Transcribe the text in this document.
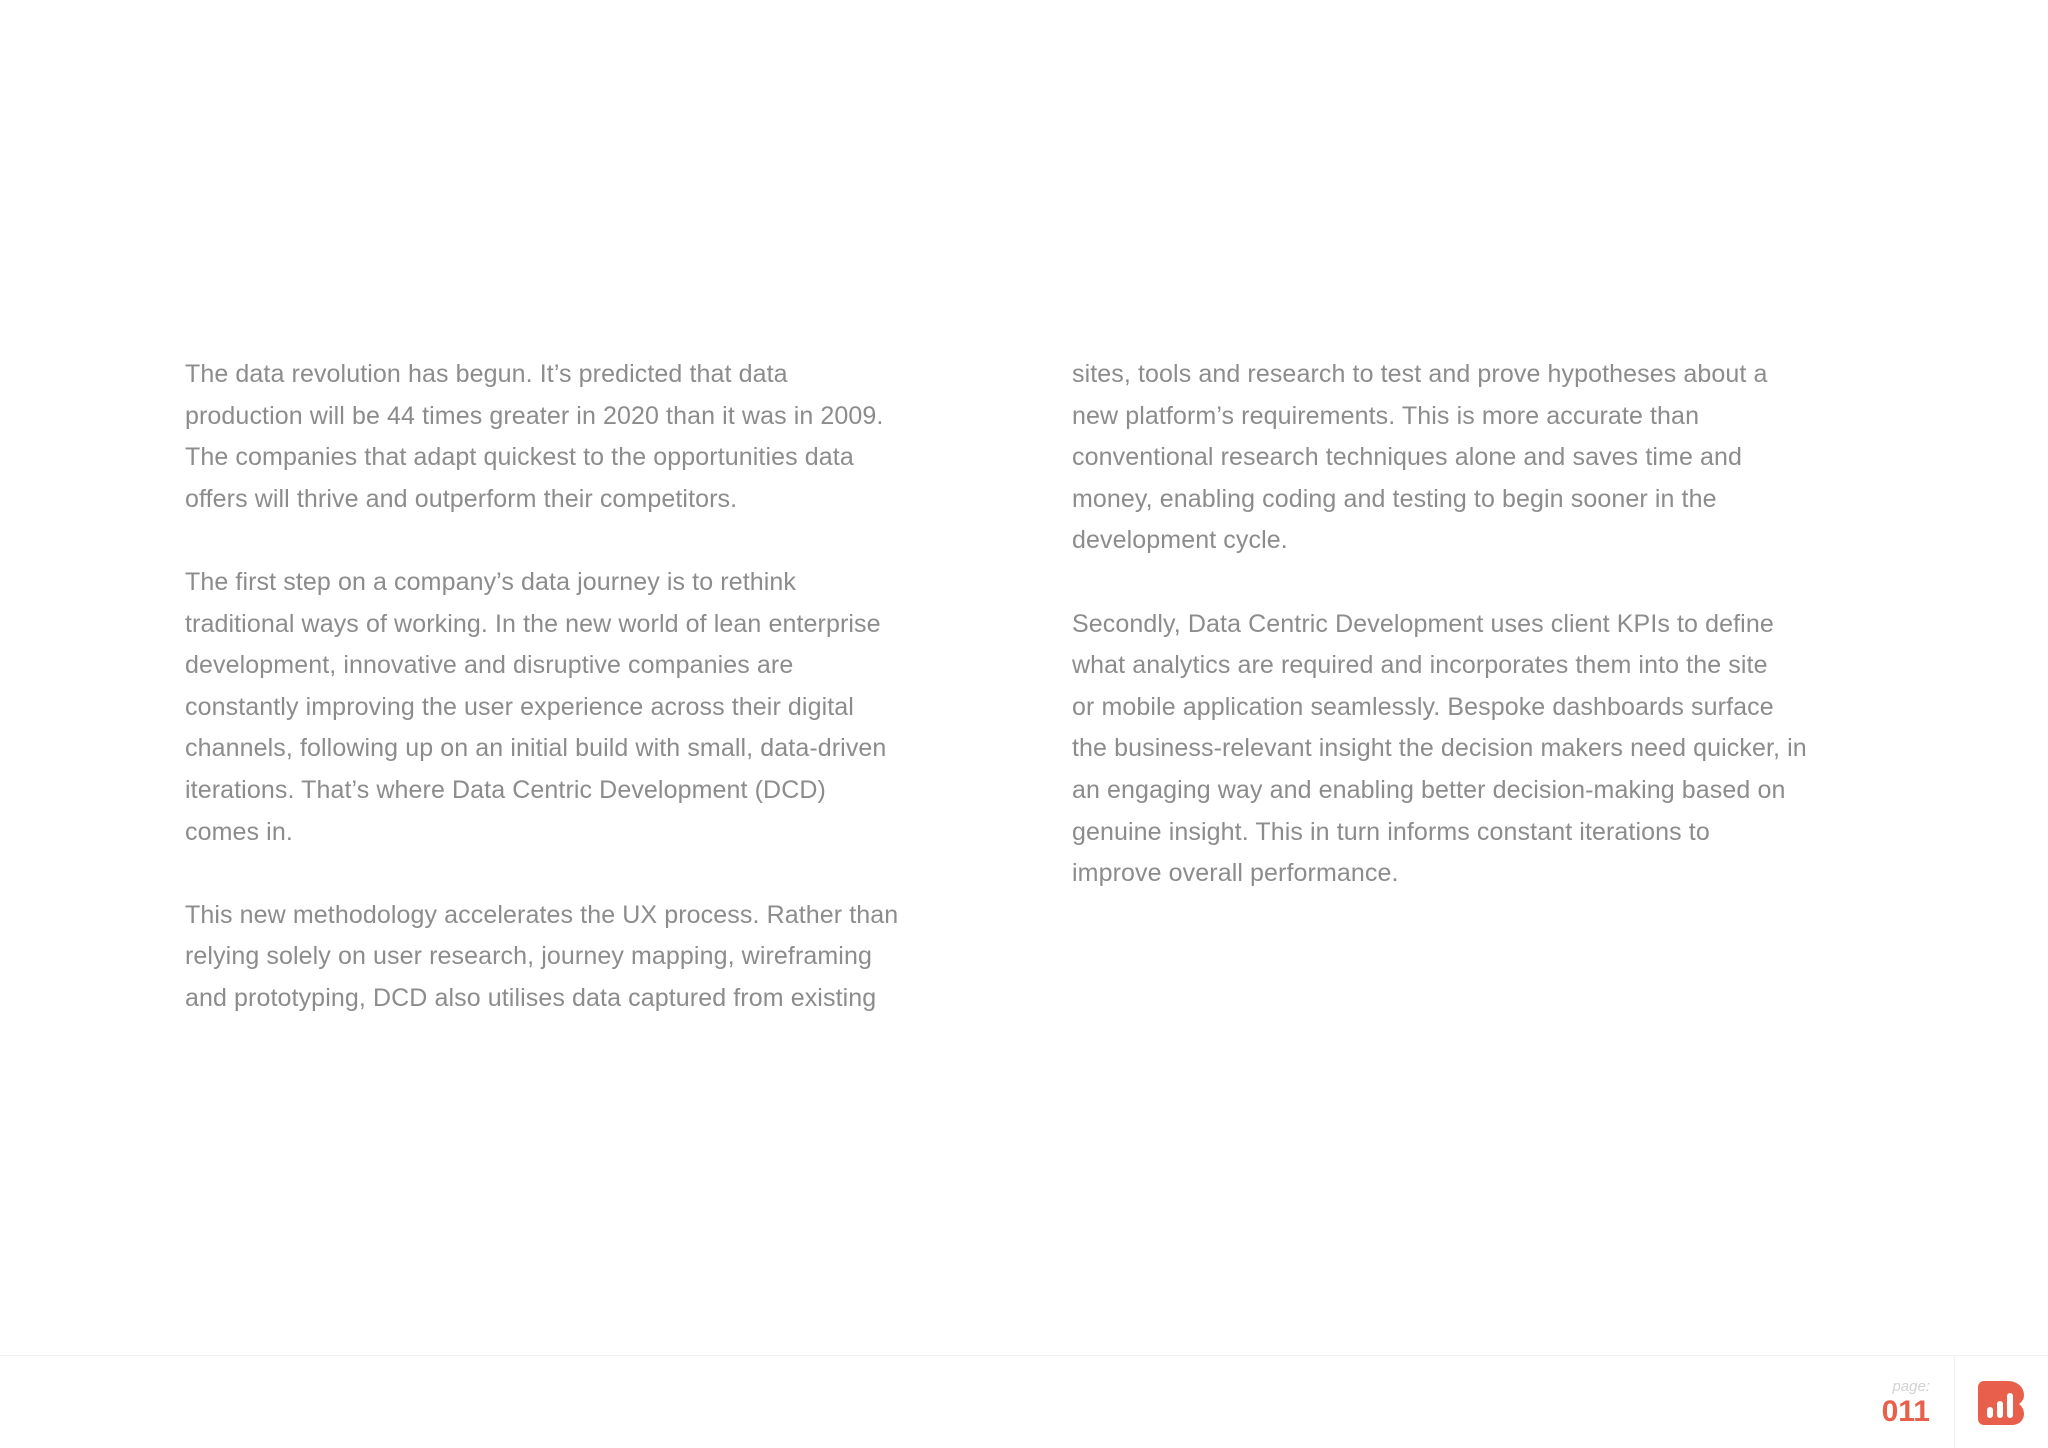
The data revolution has begun. It’s predicted that data
production will be 44 times greater in 2020 than it was in 2009.
The companies that adapt quickest to the opportunities data
offers will thrive and outperform their competitors.

The first step on a company’s data journey is to rethink
traditional ways of working. In the new world of lean enterprise
development, innovative and disruptive companies are
constantly improving the user experience across their digital
channels, following up on an initial build with small, data-driven
iterations. That’s where Data Centric Development (DCD)
comes in.

This new methodology accelerates the UX process. Rather than
relying solely on user research, journey mapping, wireframing
and prototyping, DCD also utilises data captured from existing

sites, tools and research to test and prove hypotheses about a
new platform’s requirements. This is more accurate than
conventional research techniques alone and saves time and
money, enabling coding and testing to begin sooner in the
development cycle.

Secondly, Data Centric Development uses client KPIs to define
what analytics are required and incorporates them into the site
or mobile application seamlessly. Bespoke dashboards surface
the business-relevant insight the decision makers need quicker, in
an engaging way and enabling better decision-making based on
genuine insight. This in turn informs constant iterations to
improve overall performance.

page:
011
